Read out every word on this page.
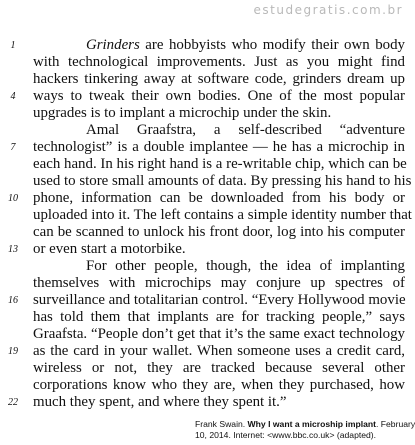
estudegratis.com.br
1
4
7
10
13
16
19
22
Grinders are hobbyists who modify their own body
with technological improvements. Just as you might find
hackers tinkering away at software code, grinders dream up
ways to tweak their own bodies. One of the most popular
upgrades is to implant a microchip under the skin.
Amal Graafstra, a self-described “adventure
technologist” is a double implantee — he has a microchip in
each hand. In his right hand is a re-writable chip, which can be
used to store small amounts of data. By pressing his hand to his
phone, information can be downloaded from his body or
uploaded into it. The left contains a simple identity number that
can be scanned to unlock his front door, log into his computer
or even start a motorbike.
For other people, though, the idea of implanting
themselves with microchips may conjure up spectres of
surveillance and totalitarian control. “Every Hollywood movie
has told them that implants are for tracking people,” says
Graafsta. “People don’t get that it’s the same exact technology
as the card in your wallet. When someone uses a credit card,
wireless or not, they are tracked because several other
corporations know who they are, when they purchased, how
much they spent, and where they spent it.”
Frank Swain. Why I want a microship implant. February
10, 2014. Internet: <www.bbc.co.uk> (adapted).
